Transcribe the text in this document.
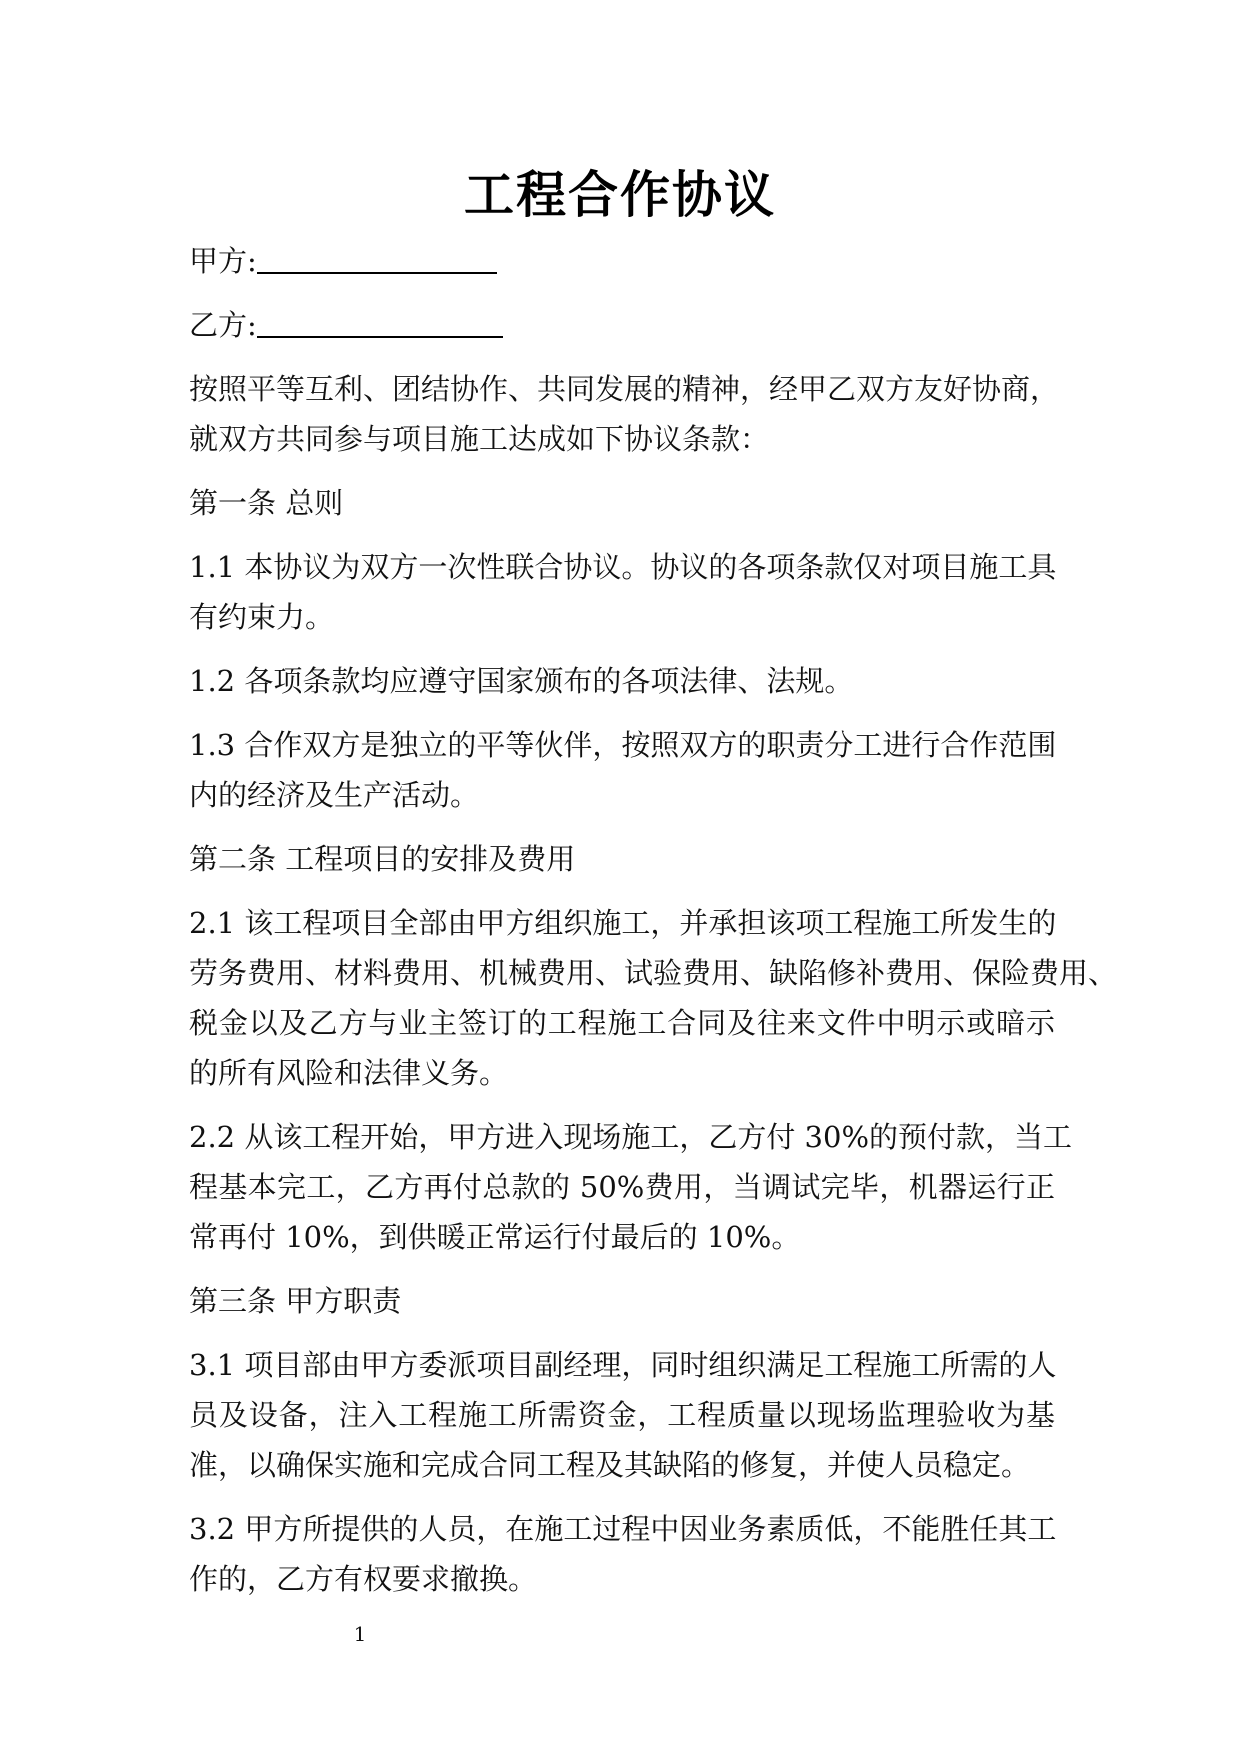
工程合作协议
甲方:
乙方:
按照平等互利、团结协作、共同发展的精神，经甲乙双方友好协商，
就双方共同参与项目施工达成如下协议条款：
第一条 总则
1.1 本协议为双方一次性联合协议。协议的各项条款仅对项目施工具
有约束力。
1.2 各项条款均应遵守国家颁布的各项法律、法规。
1.3 合作双方是独立的平等伙伴，按照双方的职责分工进行合作范围
内的经济及生产活动。
第二条 工程项目的安排及费用
2.1 该工程项目全部由甲方组织施工，并承担该项工程施工所发生的
劳务费用、材料费用、机械费用、试验费用、缺陷修补费用、保险费用、
税金以及乙方与业主签订的工程施工合同及往来文件中明示或暗示
的所有风险和法律义务。
2.2 从该工程开始，甲方进入现场施工，乙方付 30%的预付款，当工
程基本完工，乙方再付总款的 50%费用，当调试完毕，机器运行正
常再付 10%，到供暖正常运行付最后的 10%。
第三条 甲方职责
3.1 项目部由甲方委派项目副经理，同时组织满足工程施工所需的人
员及设备，注入工程施工所需资金，工程质量以现场监理验收为基
准，以确保实施和完成合同工程及其缺陷的修复，并使人员稳定。
3.2 甲方所提供的人员，在施工过程中因业务素质低，不能胜任其工
作的，乙方有权要求撤换。
1
